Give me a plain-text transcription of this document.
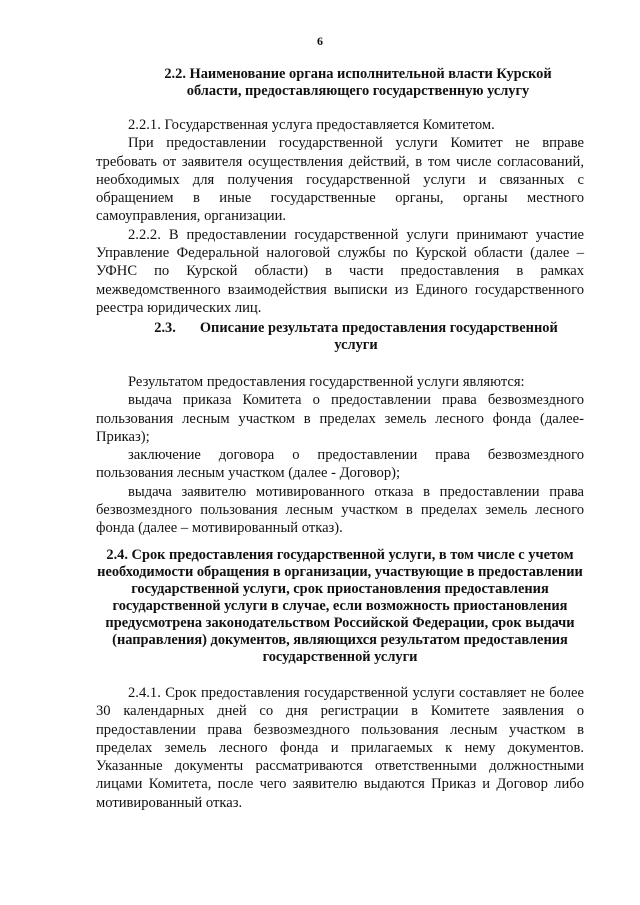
6
2.2. Наименование органа исполнительной власти Курской области, предоставляющего государственную услугу

2.2.1. Государственная услуга предоставляется Комитетом.

При предоставлении государственной услуги Комитет не вправе требовать от заявителя осуществления действий, в том числе согласований, необходимых для получения государственной услуги и связанных с обращением в иные государственные органы, органы местного самоуправления, организации.

2.2.2. В предоставлении государственной услуги принимают участие Управление Федеральной налоговой службы по Курской области (далее – УФНС по Курской области) в части предоставления в рамках межведомственного взаимодействия выписки из Единого государственного реестра юридических лиц.

2.3. Описание результата предоставления государственной услуги

Результатом предоставления государственной услуги являются:

выдача приказа Комитета о предоставлении права безвозмездного пользования лесным участком в пределах земель лесного фонда (далее-Приказ);

заключение договора о предоставлении права безвозмездного пользования лесным участком (далее - Договор);

выдача заявителю мотивированного отказа в предоставлении права безвозмездного пользования лесным участком в пределах земель лесного фонда (далее – мотивированный отказ).

2.4. Срок предоставления государственной услуги, в том числе с учетом необходимости обращения в организации, участвующие в предоставлении государственной услуги, срок приостановления предоставления государственной услуги в случае, если возможность приостановления предусмотрена законодательством Российской Федерации, срок выдачи (направления) документов, являющихся результатом предоставления государственной услуги

2.4.1. Срок предоставления государственной услуги составляет не более 30 календарных дней со дня регистрации в Комитете заявления о предоставлении права безвозмездного пользования лесным участком в пределах земель лесного фонда и прилагаемых к нему документов. Указанные документы рассматриваются ответственными должностными лицами Комитета, после чего заявителю выдаются Приказ и Договор либо мотивированный отказ.
